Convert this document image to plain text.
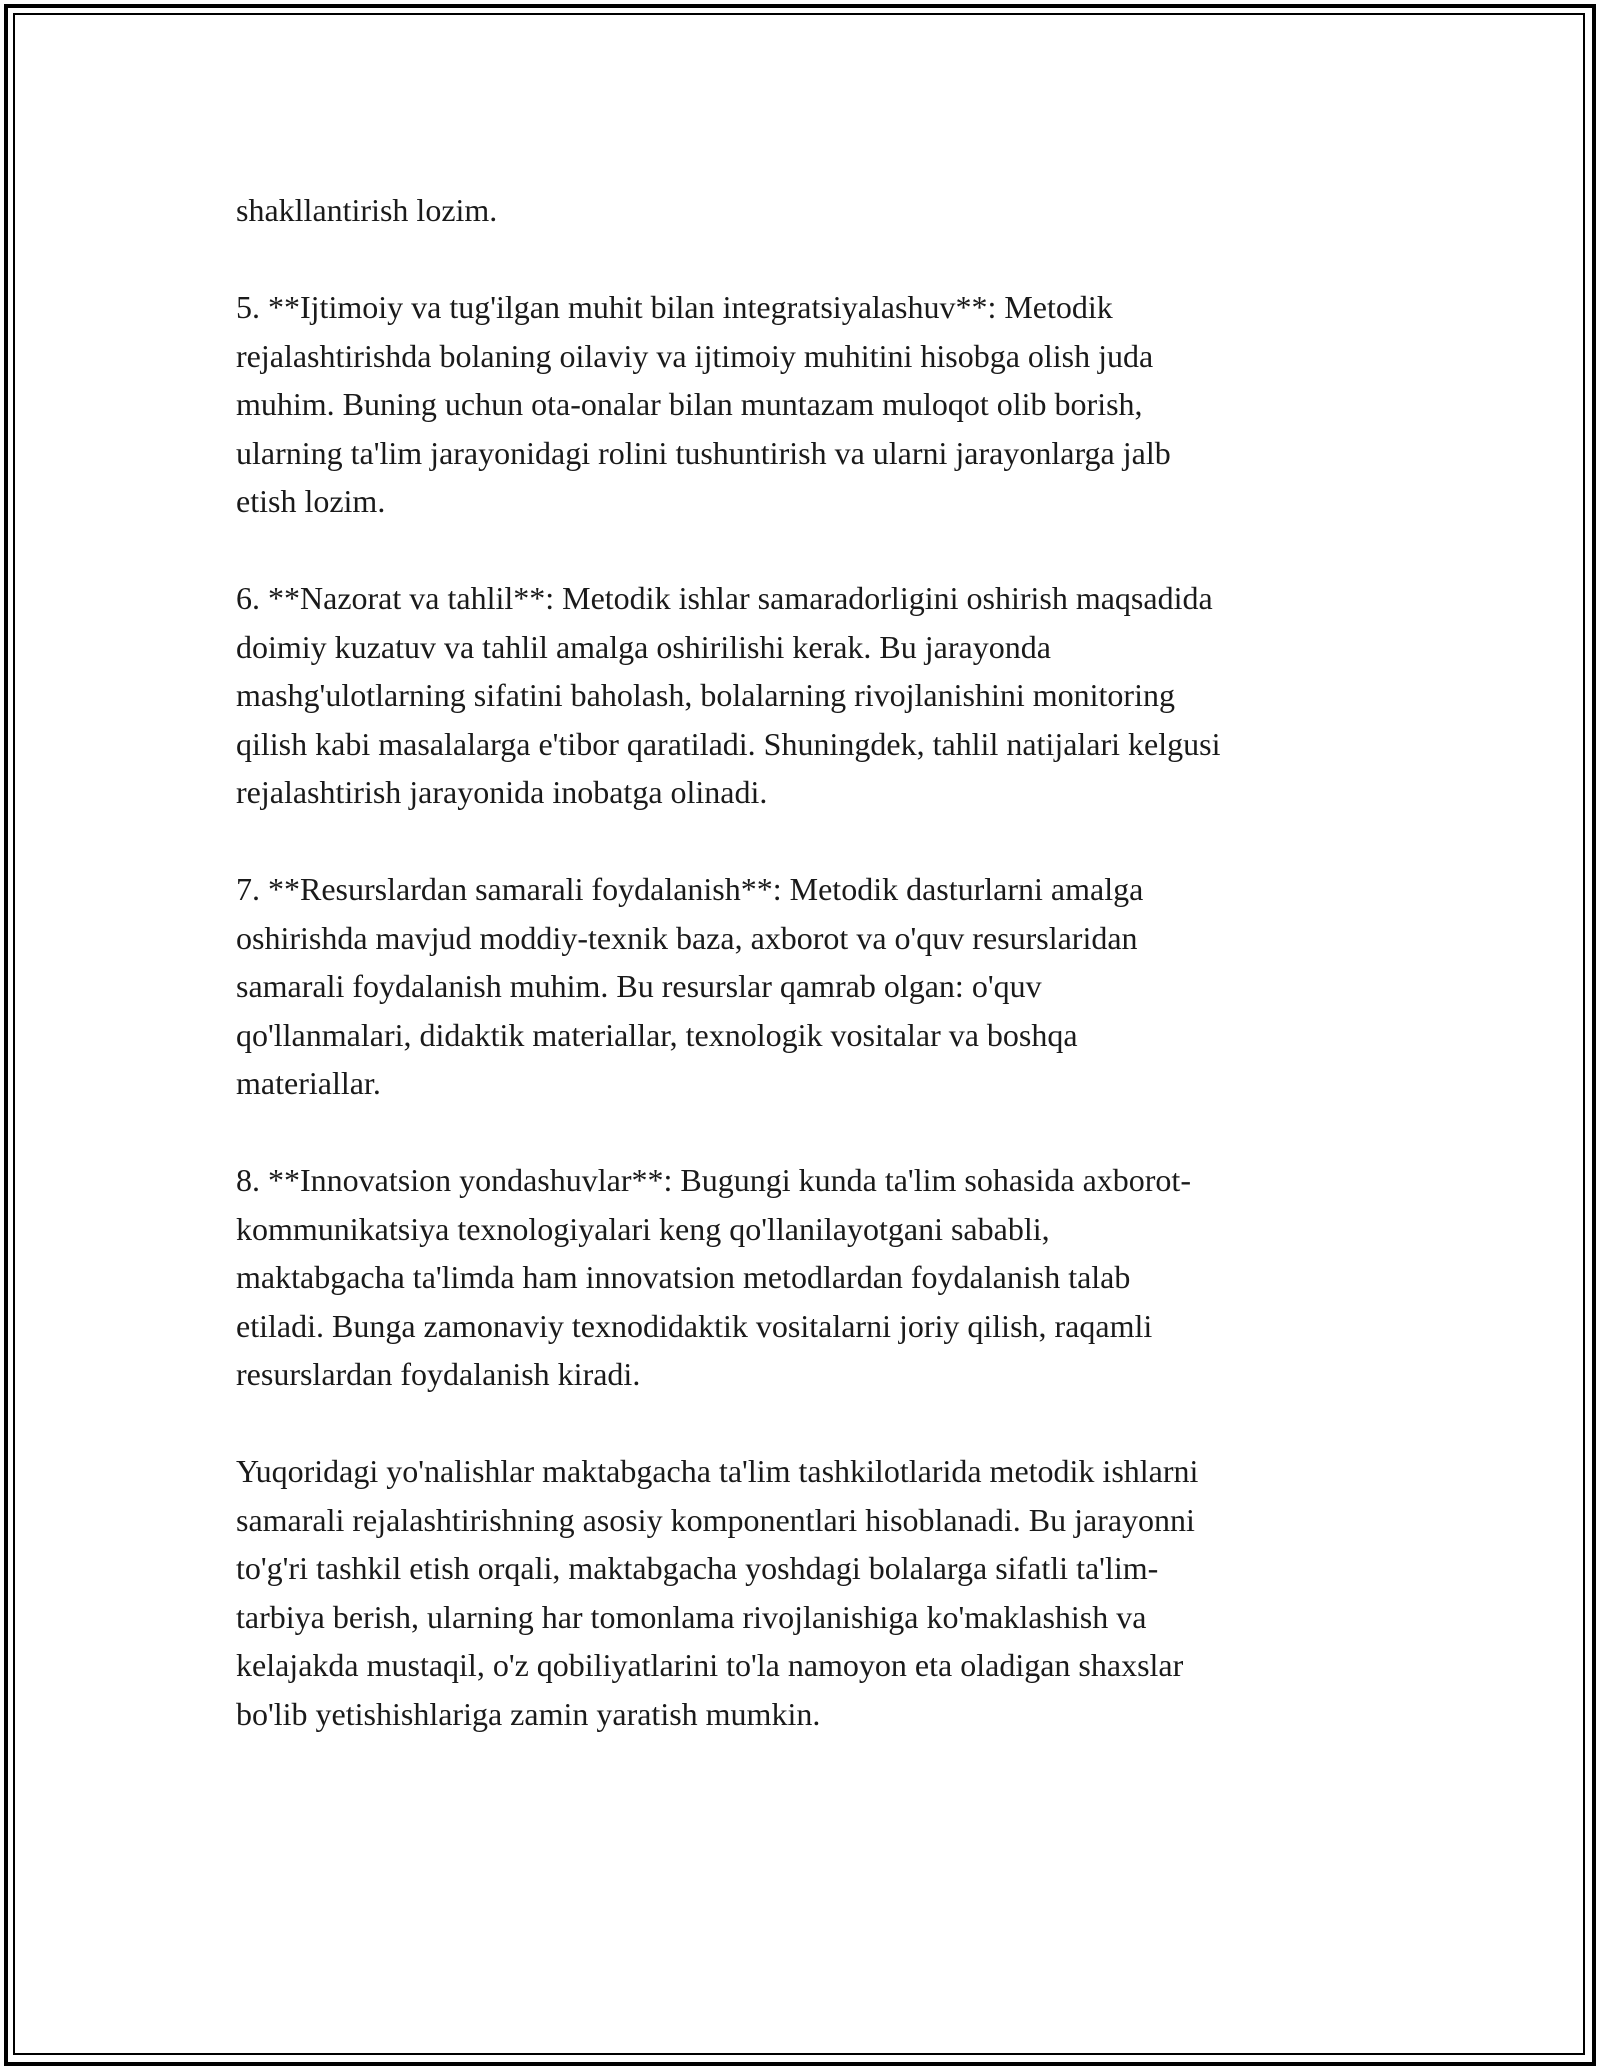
shakllantirish lozim.

5. **Ijtimoiy va tug'ilgan muhit bilan integratsiyalashuv**: Metodik
rejalashtirishda bolaning oilaviy va ijtimoiy muhitini hisobga olish juda
muhim. Buning uchun ota-onalar bilan muntazam muloqot olib borish,
ularning ta'lim jarayonidagi rolini tushuntirish va ularni jarayonlarga jalb
etish lozim.

6. **Nazorat va tahlil**: Metodik ishlar samaradorligini oshirish maqsadida
doimiy kuzatuv va tahlil amalga oshirilishi kerak. Bu jarayonda
mashg'ulotlarning sifatini baholash, bolalarning rivojlanishini monitoring
qilish kabi masalalarga e'tibor qaratiladi. Shuningdek, tahlil natijalari kelgusi
rejalashtirish jarayonida inobatga olinadi.

7. **Resurslardan samarali foydalanish**: Metodik dasturlarni amalga
oshirishda mavjud moddiy-texnik baza, axborot va o'quv resurslaridan
samarali foydalanish muhim. Bu resurslar qamrab olgan: o'quv
qo'llanmalari, didaktik materiallar, texnologik vositalar va boshqa
materiallar.

8. **Innovatsion yondashuvlar**: Bugungi kunda ta'lim sohasida axborot-
kommunikatsiya texnologiyalari keng qo'llanilayotgani sababli,
maktabgacha ta'limda ham innovatsion metodlardan foydalanish talab
etiladi. Bunga zamonaviy texnodidaktik vositalarni joriy qilish, raqamli
resurslardan foydalanish kiradi.

Yuqoridagi yo'nalishlar maktabgacha ta'lim tashkilotlarida metodik ishlarni
samarali rejalashtirishning asosiy komponentlari hisoblanadi. Bu jarayonni
to'g'ri tashkil etish orqali, maktabgacha yoshdagi bolalarga sifatli ta'lim-
tarbiya berish, ularning har tomonlama rivojlanishiga ko'maklashish va
kelajakda mustaqil, o'z qobiliyatlarini to'la namoyon eta oladigan shaxslar
bo'lib yetishishlariga zamin yaratish mumkin.
